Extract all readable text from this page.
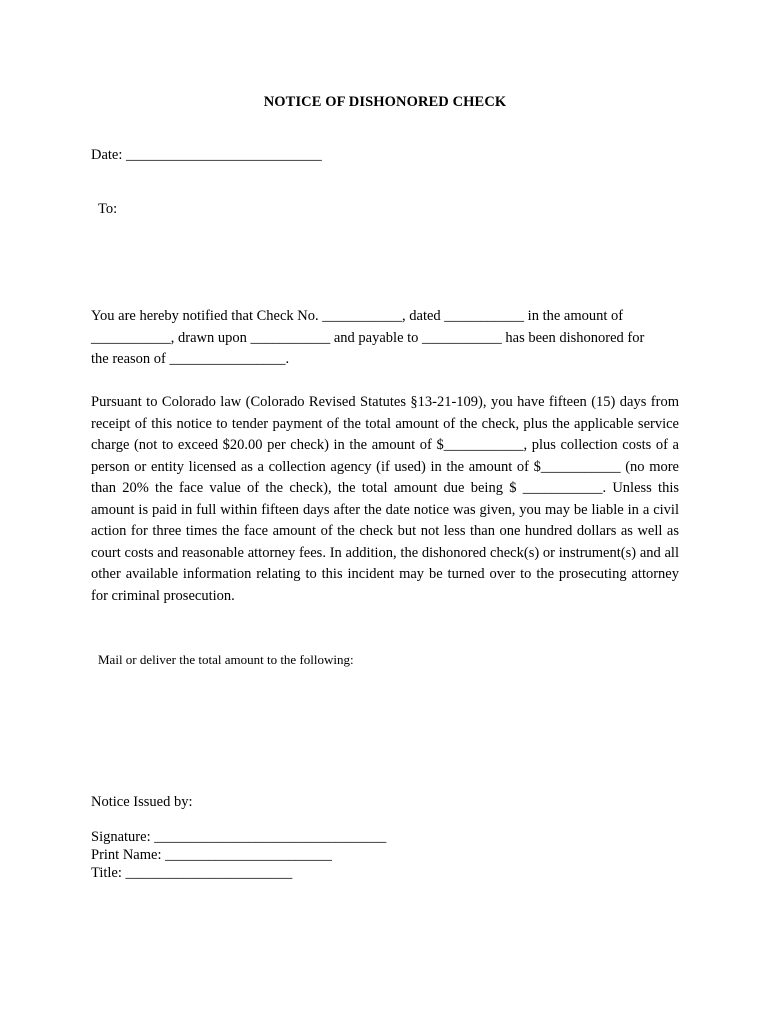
NOTICE OF DISHONORED CHECK
Date: ___________________________
To:
You are hereby notified that Check No. ___________, dated ___________ in the amount of
___________, drawn upon ___________ and payable to ___________ has been dishonored for
the reason of ________________.
Pursuant to Colorado law (Colorado Revised Statutes §13-21-109), you have fifteen (15) days from receipt of this notice to tender payment of the total amount of the check, plus the applicable service charge (not to exceed $20.00 per check) in the amount of $___________, plus collection costs of a person or entity licensed as a collection agency (if used) in the amount of $___________ (no more than 20% the face value of the check), the total amount due being $ ___________. Unless this amount is paid in full within fifteen days after the date notice was given, you may be liable in a civil action for three times the face amount of the check but not less than one hundred dollars as well as court costs and reasonable attorney fees. In addition, the dishonored check(s) or instrument(s) and all other available information relating to this incident may be turned over to the prosecuting attorney for criminal prosecution.
Mail or deliver the total amount to the following:
Notice Issued by:
Signature: ________________________________
Print Name: _______________________
Title: _______________________
